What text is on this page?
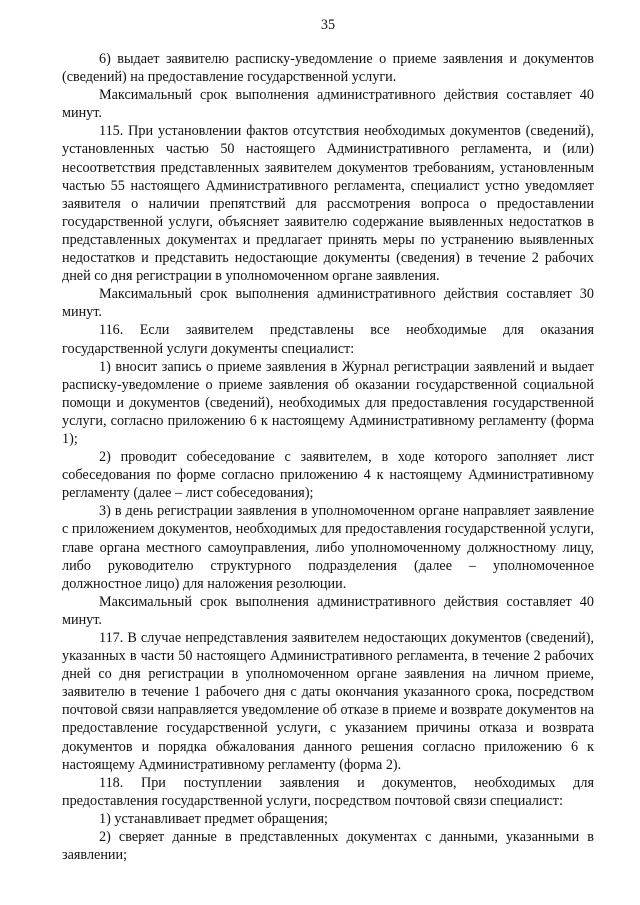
35

6) выдает заявителю расписку-уведомление о приеме заявления и документов (сведений) на предоставление государственной услуги.

Максимальный срок выполнения административного действия составляет 40 минут.

115. При установлении фактов отсутствия необходимых документов (сведений), установленных частью 50 настоящего Административного регламента, и (или) несоответствия представленных заявителем документов требованиям, установленным частью 55 настоящего Административного регламента, специалист устно уведомляет заявителя о наличии препятствий для рассмотрения вопроса о предоставлении государственной услуги, объясняет заявителю содержание выявленных недостатков в представленных документах и предлагает принять меры по устранению выявленных недостатков и представить недостающие документы (сведения) в течение 2 рабочих дней со дня регистрации в уполномоченном органе заявления.

Максимальный срок выполнения административного действия составляет 30 минут.

116. Если заявителем представлены все необходимые для оказания государственной услуги документы специалист:

1) вносит запись о приеме заявления в Журнал регистрации заявлений и выдает расписку-уведомление о приеме заявления об оказании государственной социальной помощи и документов (сведений), необходимых для предоставления государственной услуги, согласно приложению 6 к настоящему Административному регламенту (форма 1);

2) проводит собеседование с заявителем, в ходе которого заполняет лист собеседования по форме согласно приложению 4 к настоящему Административному регламенту (далее – лист собеседования);

3) в день регистрации заявления в уполномоченном органе направляет заявление с приложением документов, необходимых для предоставления государственной услуги, главе органа местного самоуправления, либо уполномоченному должностному лицу, либо руководителю структурного подразделения (далее – уполномоченное должностное лицо) для наложения резолюции.

Максимальный срок выполнения административного действия составляет 40 минут.

117. В случае непредставления заявителем недостающих документов (сведений), указанных в части 50 настоящего Административного регламента, в течение 2 рабочих дней со дня регистрации в уполномоченном органе заявления на личном приеме, заявителю в течение 1 рабочего дня с даты окончания указанного срока, посредством почтовой связи направляется уведомление об отказе в приеме и возврате документов на предоставление государственной услуги, с указанием причины отказа и возврата документов и порядка обжалования данного решения согласно приложению 6 к настоящему Административному регламенту (форма 2).

118. При поступлении заявления и документов, необходимых для предоставления государственной услуги, посредством почтовой связи специалист:

1) устанавливает предмет обращения;

2) сверяет данные в представленных документах с данными, указанными в заявлении;
